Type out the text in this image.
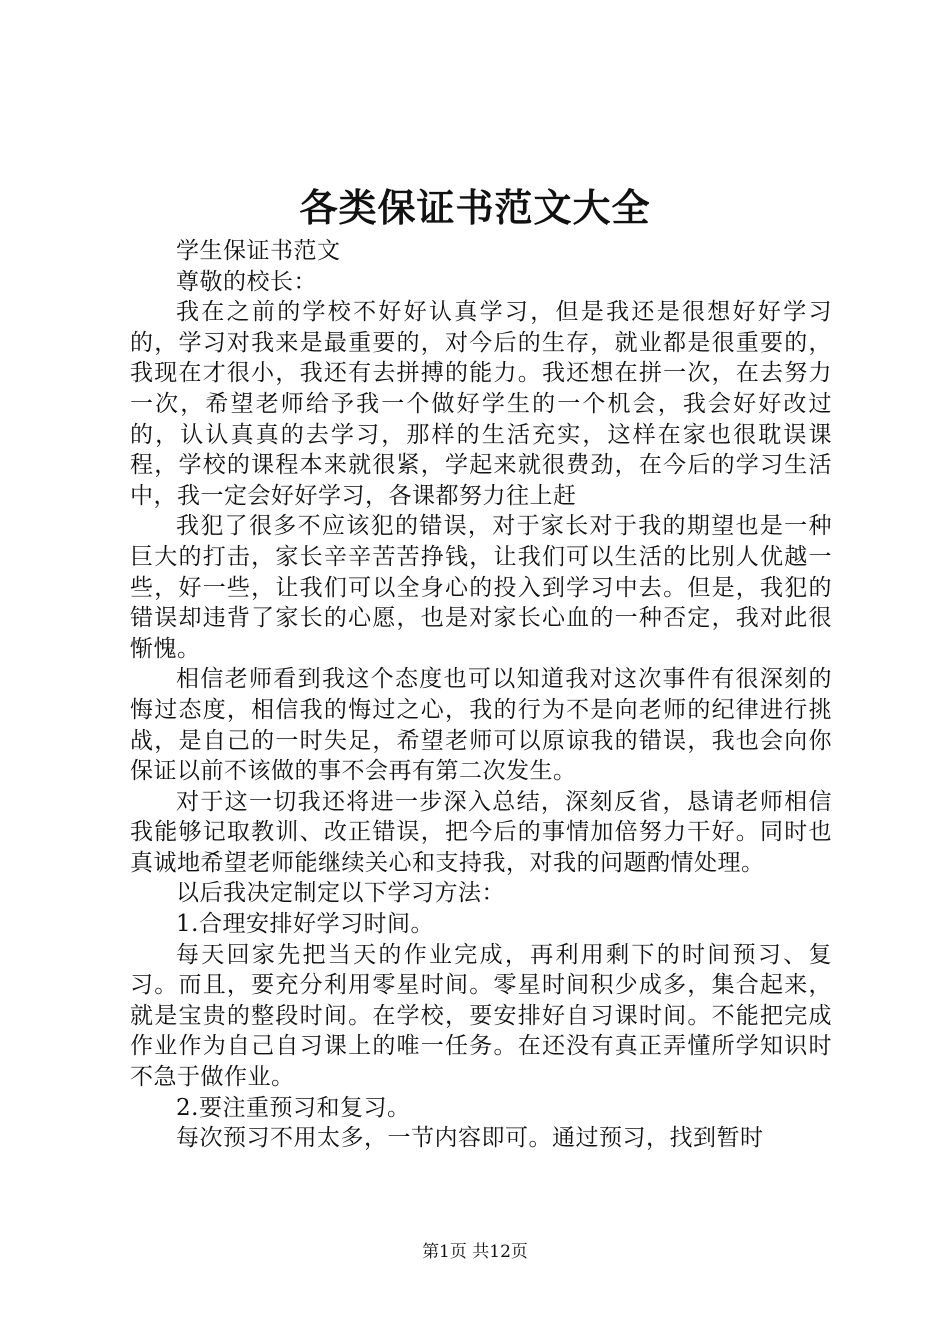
各类保证书范文大全

学生保证书范文

尊敬的校长：

我在之前的学校不好好认真学习，但是我还是很想好好学习的，学习对我来是最重要的，对今后的生存，就业都是很重要的，我现在才很小，我还有去拼搏的能力。我还想在拼一次，在去努力一次，希望老师给予我一个做好学生的一个机会，我会好好改过的，认认真真的去学习，那样的生活充实，这样在家也很耽误课程，学校的课程本来就很紧，学起来就很费劲，在今后的学习生活中，我一定会好好学习，各课都努力往上赶

我犯了很多不应该犯的错误，对于家长对于我的期望也是一种巨大的打击，家长辛辛苦苦挣钱，让我们可以生活的比别人优越一些，好一些，让我们可以全身心的投入到学习中去。但是，我犯的错误却违背了家长的心愿，也是对家长心血的一种否定，我对此很惭愧。

相信老师看到我这个态度也可以知道我对这次事件有很深刻的悔过态度，相信我的悔过之心，我的行为不是向老师的纪律进行挑战，是自己的一时失足，希望老师可以原谅我的错误，我也会向你保证以前不该做的事不会再有第二次发生。

对于这一切我还将进一步深入总结，深刻反省，恳请老师相信我能够记取教训、改正错误，把今后的事情加倍努力干好。同时也真诚地希望老师能继续关心和支持我，对我的问题酌情处理。

以后我决定制定以下学习方法：

1.合理安排好学习时间。

每天回家先把当天的作业完成，再利用剩下的时间预习、复习。而且，要充分利用零星时间。零星时间积少成多，集合起来，就是宝贵的整段时间。在学校，要安排好自习课时间。不能把完成作业作为自己自习课上的唯一任务。在还没有真正弄懂所学知识时不急于做作业。

2.要注重预习和复习。

每次预习不用太多，一节内容即可。通过预习，找到暂时

第1页 共12页
